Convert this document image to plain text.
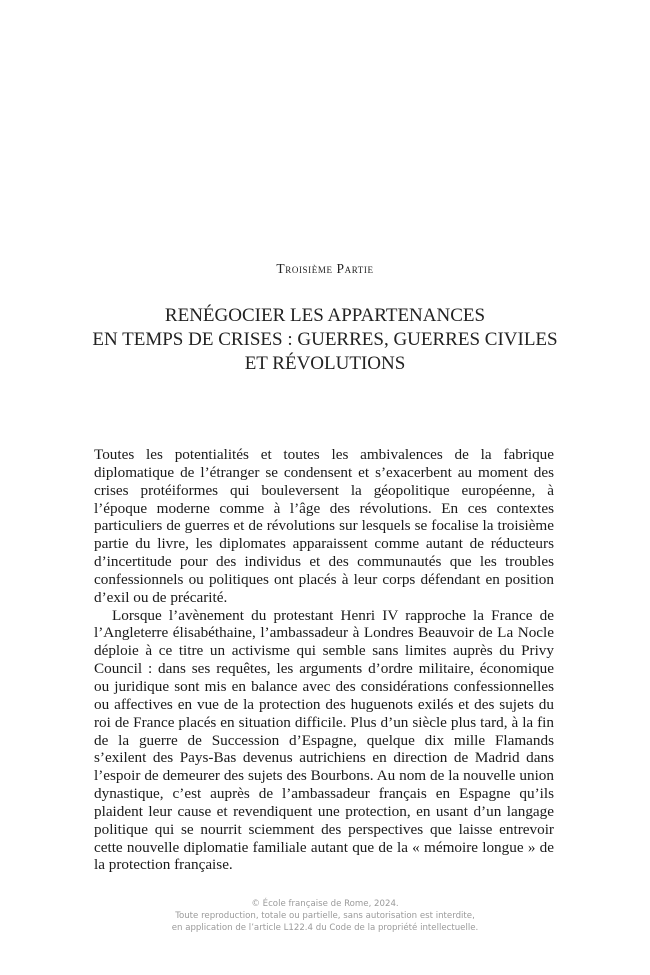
Troisième Partie
RENÉGOCIER LES APPARTENANCES
EN TEMPS DE CRISES : GUERRES, GUERRES CIVILES
ET RÉVOLUTIONS

Toutes les potentialités et toutes les ambivalences de la fabrique diplomatique de l’étranger se condensent et s’exacerbent au moment des crises protéiformes qui bouleversent la géopolitique européenne, à l’époque moderne comme à l’âge des révolutions. En ces contextes particuliers de guerres et de révolutions sur lesquels se focalise la troisième partie du livre, les diplomates apparaissent comme autant de réducteurs d’incertitude pour des individus et des communautés que les troubles confessionnels ou politiques ont placés à leur corps défendant en position d’exil ou de précarité.

Lorsque l’avènement du protestant Henri IV rapproche la France de l’Angleterre élisabéthaine, l’ambassadeur à Londres Beauvoir de La Nocle déploie à ce titre un activisme qui semble sans limites auprès du Privy Council : dans ses requêtes, les arguments d’ordre militaire, économique ou juridique sont mis en balance avec des considérations confessionnelles ou affectives en vue de la protection des huguenots exilés et des sujets du roi de France placés en situation difficile. Plus d’un siècle plus tard, à la fin de la guerre de Succession d’Espagne, quelque dix mille Flamands s’exilent des Pays-Bas devenus autrichiens en direction de Madrid dans l’espoir de demeurer des sujets des Bourbons. Au nom de la nouvelle union dynastique, c’est auprès de l’ambassadeur français en Espagne qu’ils plaident leur cause et revendiquent une protection, en usant d’un langage politique qui se nourrit sciemment des perspectives que laisse entrevoir cette nouvelle diplomatie familiale autant que de la « mémoire longue » de la protection française.

© École française de Rome, 2024.
Toute reproduction, totale ou partielle, sans autorisation est interdite,
en application de l’article L122.4 du Code de la propriété intellectuelle.
